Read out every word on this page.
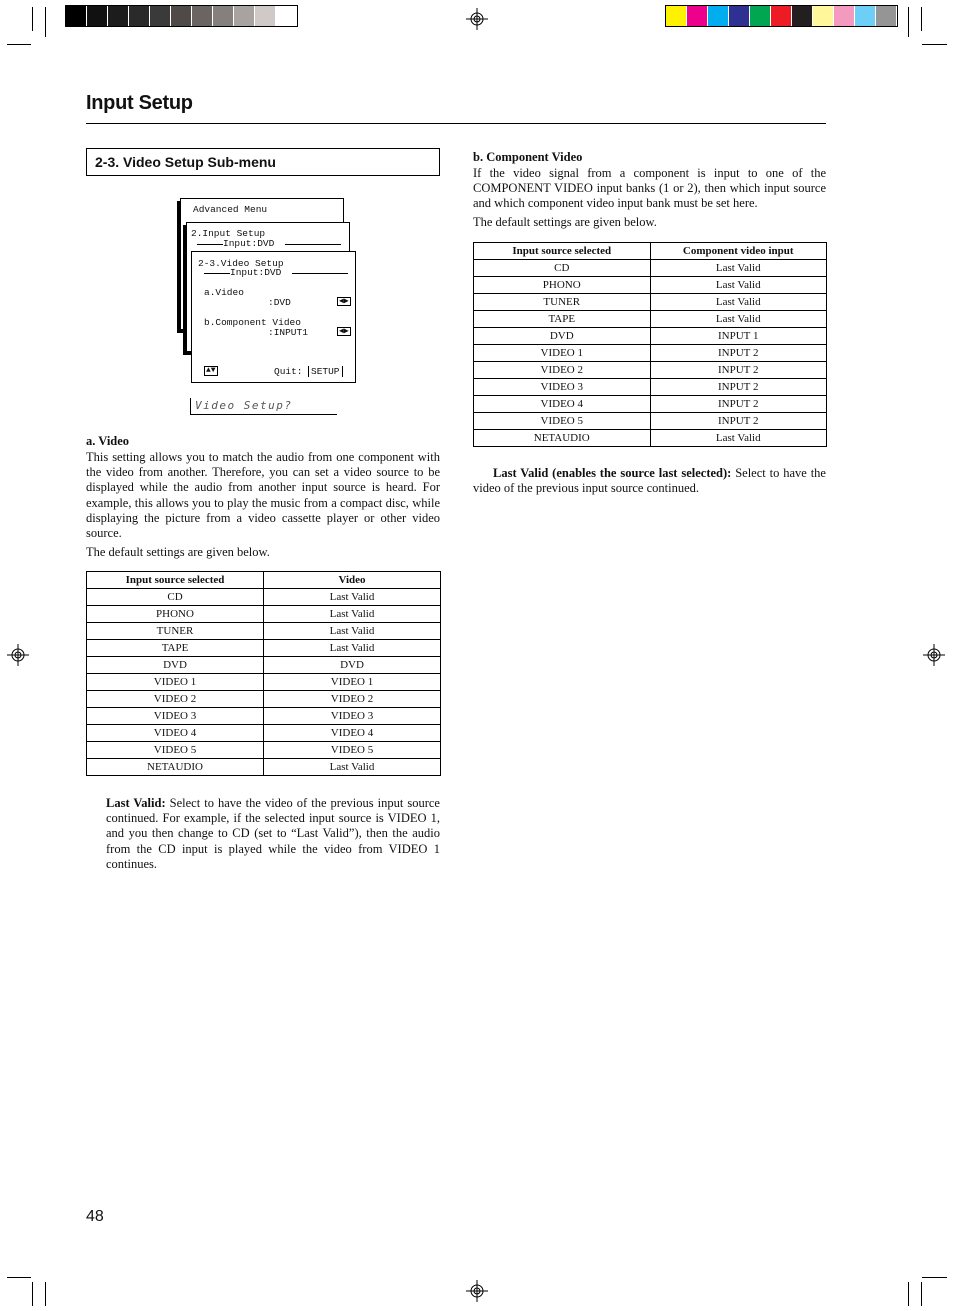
Input Setup
2-3. Video Setup Sub-menu
Advanced Menu
2.Input Setup
Input:DVD
2-3.Video Setup
Input:DVD
a.Video
:DVD	◀▶
b.Component Video
:INPUT1	◀▶
▲▼	Quit: SETUP
Video Setup?
a. Video
This setting allows you to match the audio from one component with the video from another. Therefore, you can set a video source to be displayed while the audio from another input source is heard. For example, this allows you to play the music from a compact disc, while displaying the picture from a video cassette player or other video source.
The default settings are given below.
Input source selected	Video
CD	Last Valid
PHONO	Last Valid
TUNER	Last Valid
TAPE	Last Valid
DVD	DVD
VIDEO 1	VIDEO 1
VIDEO 2	VIDEO 2
VIDEO 3	VIDEO 3
VIDEO 4	VIDEO 4
VIDEO 5	VIDEO 5
NETAUDIO	Last Valid
Last Valid: Select to have the video of the previous input source continued. For example, if the selected input source is VIDEO 1, and you then change to CD (set to “Last Valid”), then the audio from the CD input is played while the video from VIDEO 1 continues.
b. Component Video
If the video signal from a component is input to one of the COMPONENT VIDEO input banks (1 or 2), then which input source and which component video input bank must be set here.
The default settings are given below.
Input source selected	Component video input
CD	Last Valid
PHONO	Last Valid
TUNER	Last Valid
TAPE	Last Valid
DVD	INPUT 1
VIDEO 1	INPUT 2
VIDEO 2	INPUT 2
VIDEO 3	INPUT 2
VIDEO 4	INPUT 2
VIDEO 5	INPUT 2
NETAUDIO	Last Valid
Last Valid (enables the source last selected): Select to have the video of the previous input source continued.
48
